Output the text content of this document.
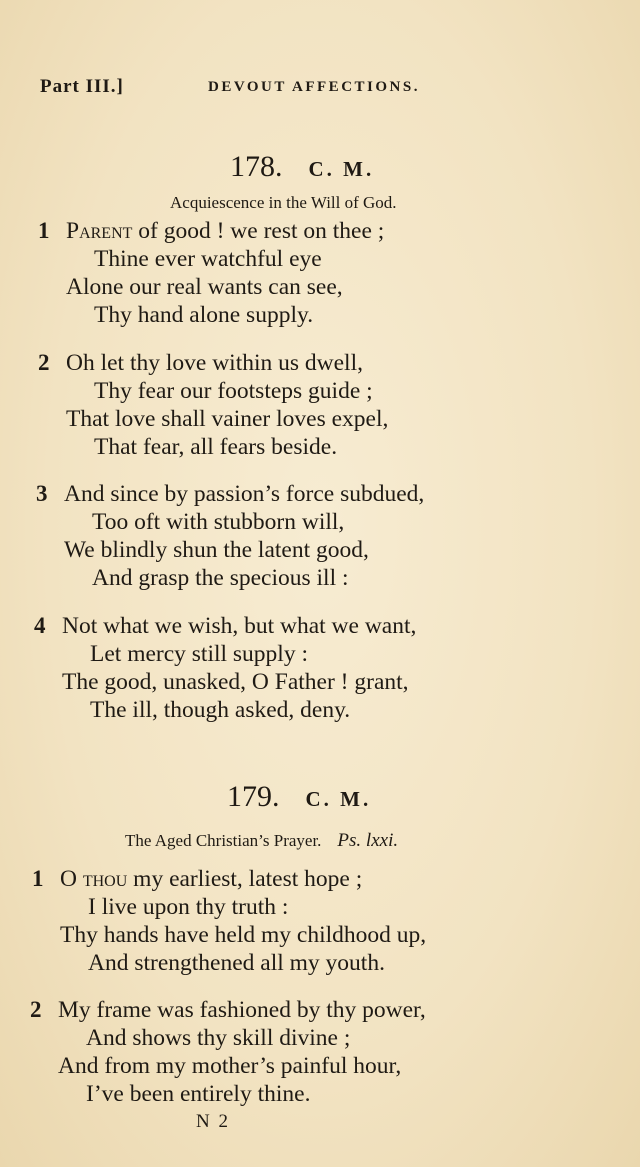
Part III.]	DEVOUT AFFECTIONS.
178. C. M.
Acquiescence in the Will of God.
1 Parent of good ! we rest on thee ;
Thine ever watchful eye
Alone our real wants can see,
Thy hand alone supply.
2 Oh let thy love within us dwell,
Thy fear our footsteps guide ;
That love shall vainer loves expel,
That fear, all fears beside.
3 And since by passion’s force subdued,
Too oft with stubborn will,
We blindly shun the latent good,
And grasp the specious ill :
4 Not what we wish, but what we want,
Let mercy still supply :
The good, unasked, O Father ! grant,
The ill, though asked, deny.
179. C. M.
The Aged Christian’s Prayer. Ps. lxxi.
1 O thou my earliest, latest hope ;
I live upon thy truth :
Thy hands have held my childhood up,
And strengthened all my youth.
2 My frame was fashioned by thy power,
And shows thy skill divine ;
And from my mother’s painful hour,
I’ve been entirely thine.
N 2
